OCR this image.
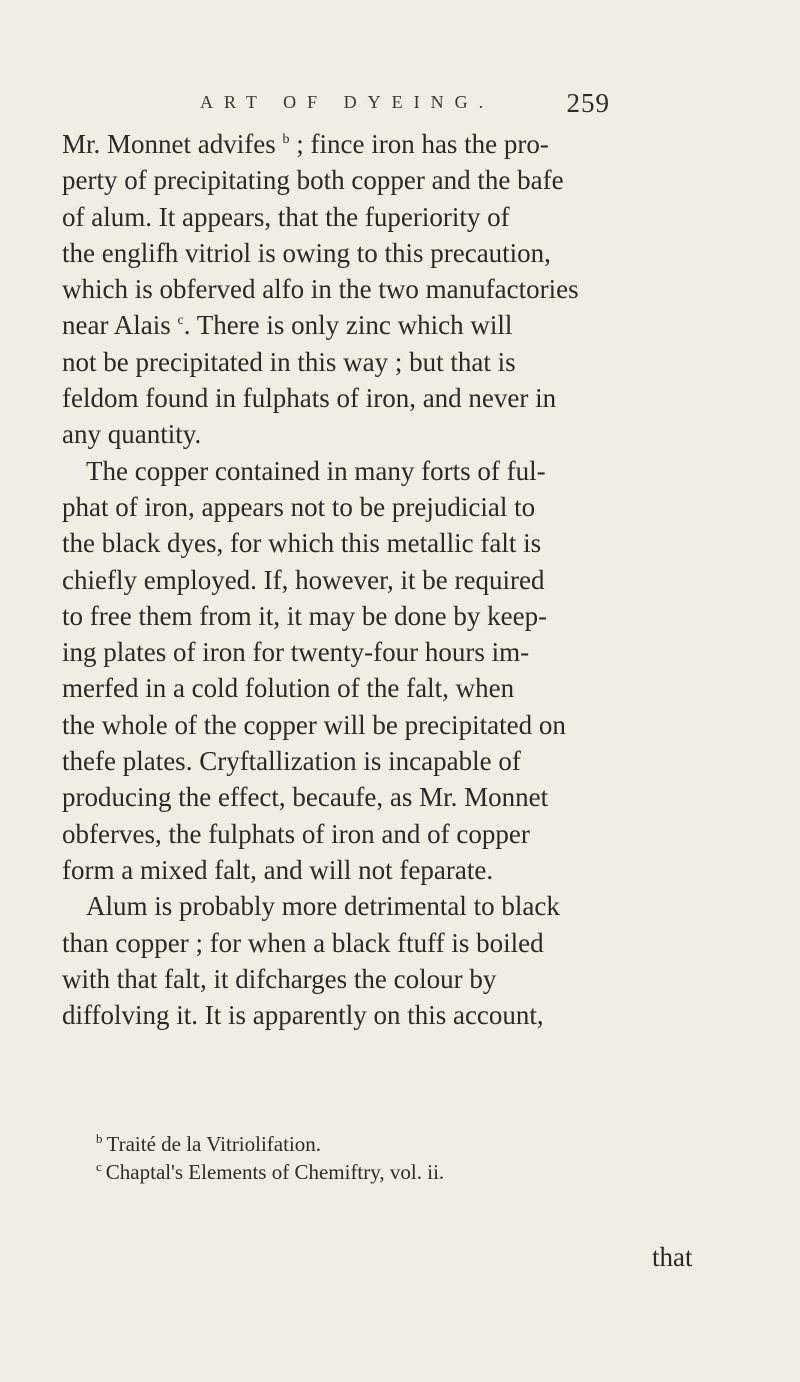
ART OF DYEING.	259
Mr. Monnet advifes $^b$ ; fince iron has the pro-
perty of precipitating both copper and the bafe
of alum. It appears, that the fuperiority of
the englifh vitriol is owing to this precaution,
which is obferved alfo in the two manufactories
near Alais $^c$. There is only zinc which will
not be precipitated in this way ; but that is
feldom found in fulphats of iron, and never in
any quantity.
The copper contained in many forts of ful-
phat of iron, appears not to be prejudicial to
the black dyes, for which this metallic falt is
chiefly employed. If, however, it be required
to free them from it, it may be done by keep-
ing plates of iron for twenty-four hours im-
merfed in a cold folution of the falt, when
the whole of the copper will be precipitated on
thefe plates. Cryftallization is incapable of
producing the effect, becaufe, as Mr. Monnet
obferves, the fulphats of iron and of copper
form a mixed falt, and will not feparate.
Alum is probably more detrimental to black
than copper ; for when a black ftuff is boiled
with that falt, it difcharges the colour by
diffolving it. It is apparently on this account,
$^b$ Traité de la Vitriolifation.
$^c$ Chaptal's Elements of Chemiftry, vol. ii.
that
